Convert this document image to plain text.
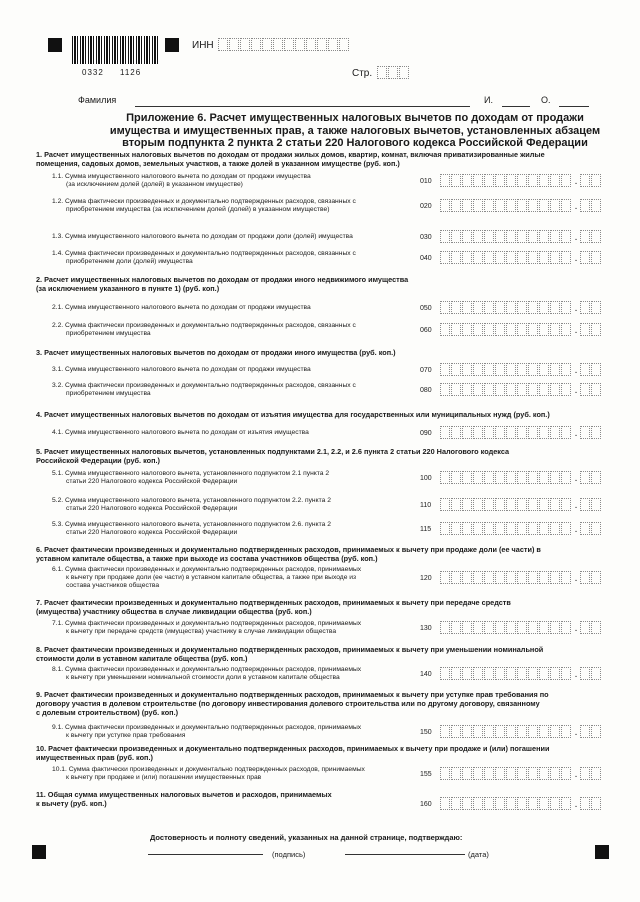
0332 1126
ИНН
Стр.
Фамилия	И.	О.
Приложение 6. Расчет имущественных налоговых вычетов по доходам от продажи
имущества и имущественных прав, а также налоговых вычетов, установленных абзацем
вторым подпункта 2 пункта 2 статьи 220 Налогового кодекса Российской Федерации
1. Расчет имущественных налоговых вычетов по доходам от продажи жилых домов, квартир, комнат, включая приватизированные жилые
помещения, садовых домов, земельных участков, а также долей в указанном имуществе (руб. коп.)
2. Расчет имущественных налоговых вычетов по доходам от продажи иного недвижимого имущества
(за исключением указанного в пункте 1) (руб. коп.)
3. Расчет имущественных налоговых вычетов по доходам от продажи иного имущества (руб. коп.)
4. Расчет имущественных налоговых вычетов по доходам от изъятия имущества для государственных или муниципальных нужд (руб. коп.)
5. Расчет имущественных налоговых вычетов, установленных подпунктами 2.1, 2.2, и 2.6 пункта 2 статьи 220 Налогового кодекса
Российской Федерации (руб. коп.)
6. Расчет фактически произведенных и документально подтвержденных расходов, принимаемых к вычету при продаже доли (ее части) в
уставном капитале общества, а также при выходе из состава участников общества (руб. коп.)
7. Расчет фактически произведенных и документально подтвержденных расходов, принимаемых к вычету при передаче средств
(имущества) участнику общества в случае ликвидации общества (руб. коп.)
8. Расчет фактически произведенных и документально подтвержденных расходов, принимаемых к вычету при уменьшении номинальной
стоимости доли в уставном капитале общества (руб. коп.)
9. Расчет фактически произведенных и документально подтвержденных расходов, принимаемых к вычету при уступке прав требования по
договору участия в долевом строительстве (по договору инвестирования долевого строительства или по другому договору, связанному
с долевым строительством) (руб. коп.)
10. Расчет фактически произведенных и документально подтвержденных расходов, принимаемых к вычету при продаже и (или) погашении
имущественных прав (руб. коп.)
11. Общая сумма имущественных налоговых вычетов и расходов, принимаемых
к вычету (руб. коп.)
1.1. Сумма имущественного налогового вычета по доходам от продажи имущества
(за исключением долей (долей) в указанном имуществе)	010	.
1.2. Сумма фактически произведенных и документально подтвержденных расходов, связанных с
приобретением имущества (за исключением долей (долей) в указанном имуществе)	020	.
1.3. Сумма имущественного налогового вычета по доходам от продажи доли (долей) имущества	030	.
1.4. Сумма фактически произведенных и документально подтвержденных расходов, связанных с
приобретением доли (долей) имущества	040	.
2.1. Сумма имущественного налогового вычета по доходам от продажи имущества	050	.
2.2. Сумма фактически произведенных и документально подтвержденных расходов, связанных с
приобретением имущества	060	.
3.1. Сумма имущественного налогового вычета по доходам от продажи имущества	070	.
3.2. Сумма фактически произведенных и документально подтвержденных расходов, связанных с
приобретением имущества	080	.
4.1. Сумма имущественного налогового вычета по доходам от изъятия имущества	090	.
5.1. Сумма имущественного налогового вычета, установленного подпунктом 2.1 пункта 2
статьи 220 Налогового кодекса Российской Федерации	100	.
5.2. Сумма имущественного налогового вычета, установленного подпунктом 2.2. пункта 2
статьи 220 Налогового кодекса Российской Федерации	110	.
5.3. Сумма имущественного налогового вычета, установленного подпунктом 2.6. пункта 2
статьи 220 Налогового кодекса Российской Федерации	115	.
6.1. Сумма фактически произведенных и документально подтвержденных расходов, принимаемых
к вычету при продаже доли (ее части) в уставном капитале общества, а также при выходе из
состава участников общества
120	.
7.1. Сумма фактически произведенных и документально подтвержденных расходов, принимаемых
к вычету при передаче средств (имущества) участнику в случае ликвидации общества	130	.
8.1. Сумма фактически произведенных и документально подтвержденных расходов, принимаемых
к вычету при уменьшении номинальной стоимости доли в уставном капитале общества	140	.
9.1. Сумма фактически произведенных и документально подтвержденных расходов, принимаемых
к вычету при уступке прав требования	150	.
10.1. Сумма фактически произведенных и документально подтвержденных расходов, принимаемых
к вычету при продаже и (или) погашении имущественных прав	155	.
160	.
Достоверность и полноту сведений, указанных на данной странице, подтверждаю:
(подпись)	(дата)
